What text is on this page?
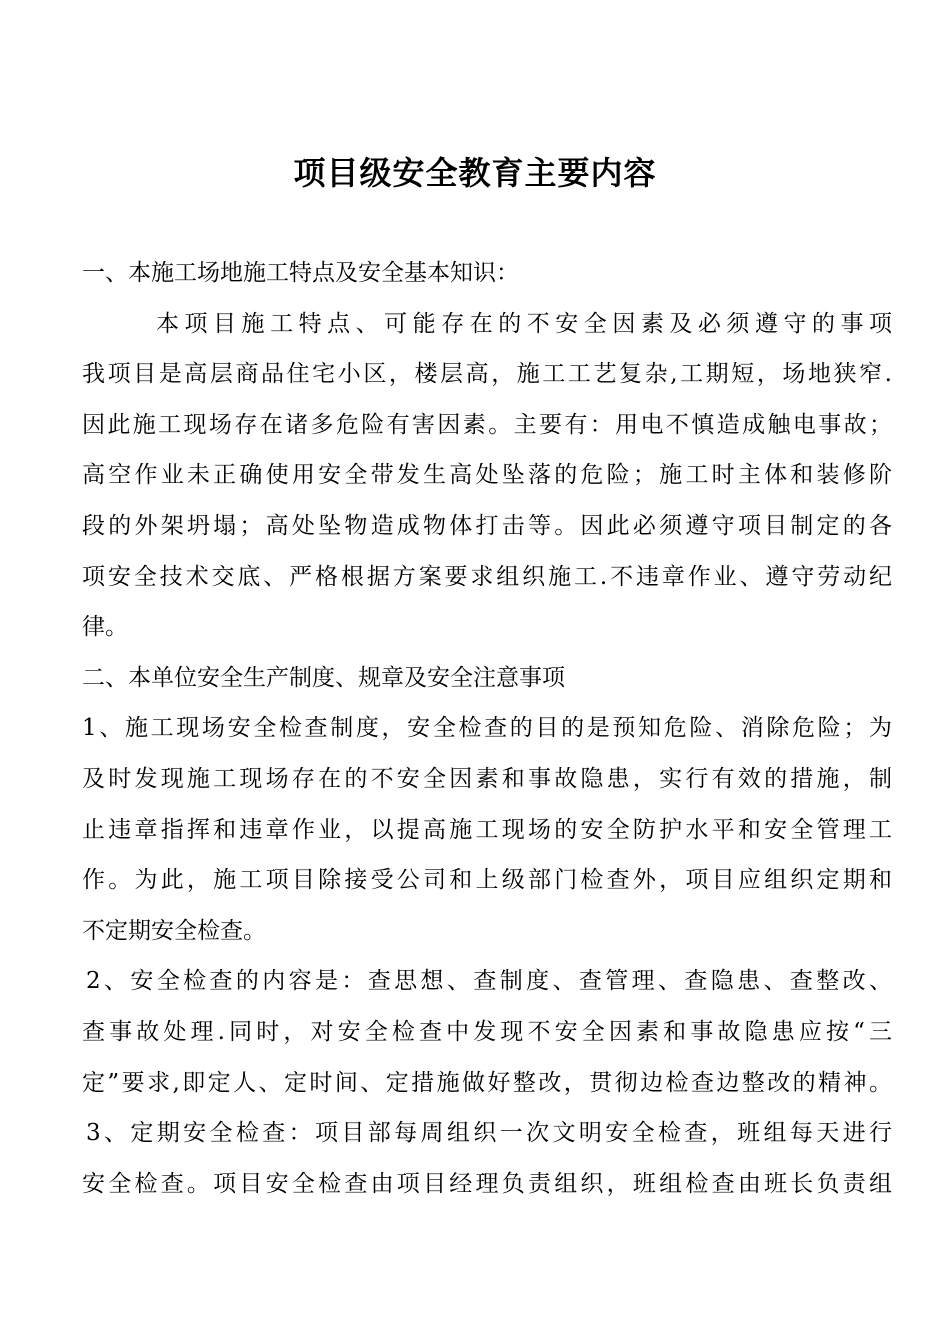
项目级安全教育主要内容
一、本施工场地施工特点及安全基本知识：
本项目施工特点、可能存在的不安全因素及必须遵守的事项
我项目是高层商品住宅小区，楼层高，施工工艺复杂,工期短，场地狭窄.
因此施工现场存在诸多危险有害因素。主要有：用电不慎造成触电事故；
高空作业未正确使用安全带发生高处坠落的危险；施工时主体和装修阶
段的外架坍塌；高处坠物造成物体打击等。因此必须遵守项目制定的各
项安全技术交底、严格根据方案要求组织施工.不违章作业、遵守劳动纪
律。
二、本单位安全生产制度、规章及安全注意事项
1、施工现场安全检查制度，安全检查的目的是预知危险、消除危险；为
及时发现施工现场存在的不安全因素和事故隐患，实行有效的措施，制
止违章指挥和违章作业，以提高施工现场的安全防护水平和安全管理工
作。为此，施工项目除接受公司和上级部门检查外，项目应组织定期和
不定期安全检查。
2、安全检查的内容是：查思想、查制度、查管理、查隐患、查整改、
查事故处理.同时，对安全检查中发现不安全因素和事故隐患应按“三
定”要求,即定人、定时间、定措施做好整改，贯彻边检查边整改的精神。
3、定期安全检查：项目部每周组织一次文明安全检查，班组每天进行
安全检查。项目安全检查由项目经理负责组织，班组检查由班长负责组
